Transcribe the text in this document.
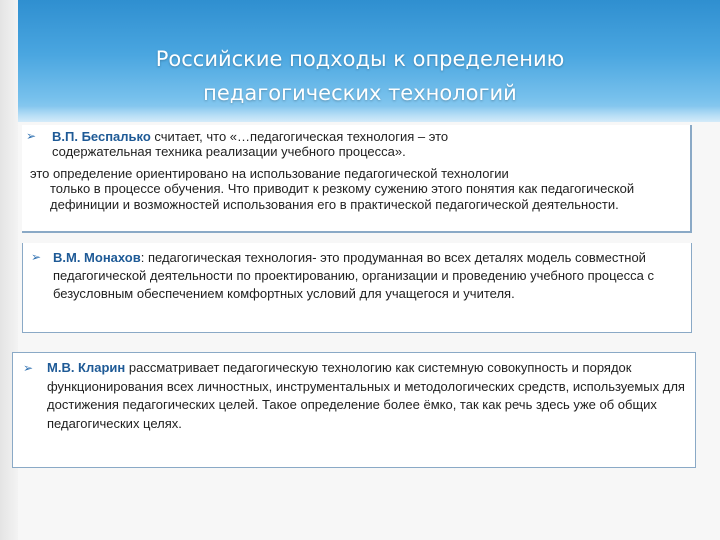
Российские подходы к определению
педагогических технологий
➢ В.П. Беспалько считает, что «…педагогическая технология – это
содержательная техника реализации учебного процесса».

это определение ориентировано на использование педагогической технологии
только в процессе обучения. Что приводит к резкому сужению этого понятия как педагогической дефиниции и возможностей использования его в практической педагогической деятельности.

➢ В.М. Монахов: педагогическая технология- это продуманная во всех деталях модель совместной педагогической деятельности по проектированию, организации и проведению учебного процесса с безусловным обеспечением комфортных условий для учащегося и учителя.

➢ М.В. Кларин рассматривает педагогическую технологию как системную совокупность и порядок функционирования всех личностных, инструментальных и методологических средств, используемых для достижения педагогических целей. Такое определение более ёмко, так как речь здесь уже об общих педагогических целях.
